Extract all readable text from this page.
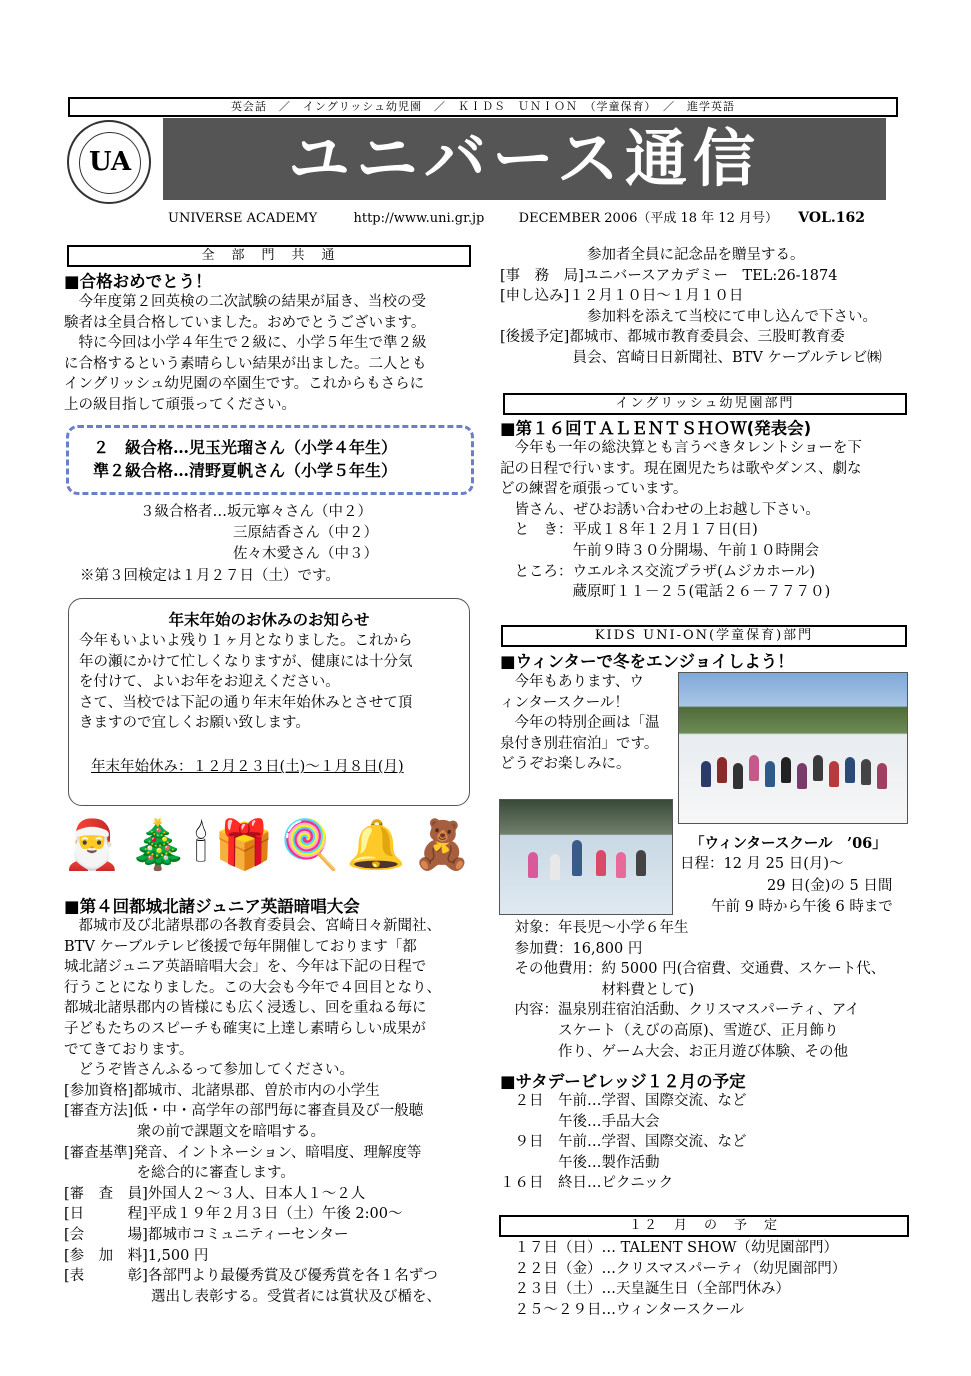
英会話　／　イングリッシュ幼児園　／　ＫＩＤＳ　ＵＮＩＯＮ　（学童保育）　／　進学英語
UA	ユニバース通信
UNIVERSE ACADEMY	http://www.uni.gr.jp	DECEMBER 2006（平成 18 年 12 月号） VOL.162
全　部　門　共　通
■合格おめでとう！
　今年度第２回英検の二次試験の結果が届き、当校の受
験者は全員合格していました。おめでとうございます。
　特に今回は小学４年生で２級に、小学５年生で準２級
に合格するという素晴らしい結果が出ました。二人とも
イングリッシュ幼児園の卒園生です。これからもさらに
上の級目指して頑張ってください。
２　級合格…児玉光瑠さん（小学４年生）
準２級合格…清野夏帆さん（小学５年生）
３級合格者…坂元寧々さん（中２）
三原結香さん（中２）
佐々木愛さん（中３）
※第３回検定は１月２７日（土）です。
年末年始のお休みのお知らせ
今年もいよいよ残り１ヶ月となりました。これから
年の瀬にかけて忙しくなりますが、健康には十分気
を付けて、よいお年をお迎えください。
さて、当校では下記の通り年末年始休みとさせて頂
きますので宜しくお願い致します。
年末年始休み：１２月２３日(土)～１月８日(月)
🎅 🎄 🕯 🎁 🍭 🔔 🧸
■第４回都城北諸ジュニア英語暗唱大会
　都城市及び北諸県郡の各教育委員会、宮崎日々新聞社、
BTV ケーブルテレビ後援で毎年開催しております「都
城北諸ジュニア英語暗唱大会」を、今年は下記の日程で
行うことになりました。この大会も今年で４回目となり、
都城北諸県郡内の皆様にも広く浸透し、回を重ねる毎に
子どもたちのスピーチも確実に上達し素晴らしい成果が
でてきております。
　どうぞ皆さんふるって参加してください。
[参加資格]都城市、北諸県郡、曽於市内の小学生
[審査方法]低・中・高学年の部門毎に審査員及び一般聴
　　　　　衆の前で課題文を暗唱する。
[審査基準]発音、イントネーション、暗唱度、理解度等
　　　　　を総合的に審査します。
[審　査　員]外国人２～３人、日本人１～２人
[日　　　程]平成１９年２月３日（土）午後 2:00～
[会　　　場]都城市コミュニティーセンター
[参　加　料]1,500 円
[表　　　彰]各部門より最優秀賞及び優秀賞を各１名ずつ
　　　　　　選出し表彰する。受賞者には賞状及び楯を、
　　　　　　参加者全員に記念品を贈呈する。
[事　務　局]ユニバースアカデミー　TEL:26-1874
[申し込み]１２月１０日～１月１０日
　　　　　　参加料を添えて当校にて申し込んで下さい。
[後援予定]都城市、都城市教育委員会、三股町教育委
　　　　　員会、宮崎日日新聞社、BTV ケーブルテレビ㈱
イングリッシュ幼児園部門
■第１６回ＴＡＬＥＮＴＳＨＯＷ(発表会)
　今年も一年の総決算とも言うべきタレントショーを下
記の日程で行います。現在園児たちは歌やダンス、劇な
どの練習を頑張っています。
　皆さん、ぜひお誘い合わせの上お越し下さい。
　と　き：平成１８年１２月１７日(日)
　　　　　午前９時３０分開場、午前１０時開会
　ところ：ウエルネス交流プラザ(ムジカホール)
　　　　　蔵原町１１－２５(電話２６－７７７０)
KIDS UNI-ON(学童保育)部門
■ウィンターで冬をエンジョイしよう！
　今年もあります、ウ
ィンタースクール！
　今年の特別企画は「温
泉付き別荘宿泊」です。
どうぞお楽しみに。
「ウィンタースクール　’06」
日程：12 月 25 日(月)～
29 日(金)の 5 日間
午前 9 時から午後 6 時まで
　対象：年長児～小学６年生
　参加費：16,800 円
　その他費用：約 5000 円(合宿費、交通費、スケート代、
　　　　　　　材料費として)
　内容：温泉別荘宿泊活動、クリスマスパーティ、アイ
　　　　スケート（えびの高原)、雪遊び、正月飾り
　　　　作り、ゲーム大会、お正月遊び体験、その他
■サタデービレッジ１２月の予定
　２日　午前…学習、国際交流、など
　　　　午後…手品大会
　９日　午前…学習、国際交流、など
　　　　午後…製作活動
１６日　終日…ピクニック
１２　月　の　予　定
　１７日（日）… TALENT SHOW（幼児園部門）
　２２日（金）…クリスマスパーティ（幼児園部門）
　２３日（土）…天皇誕生日（全部門休み）
　２５～２９日…ウィンタースクール
